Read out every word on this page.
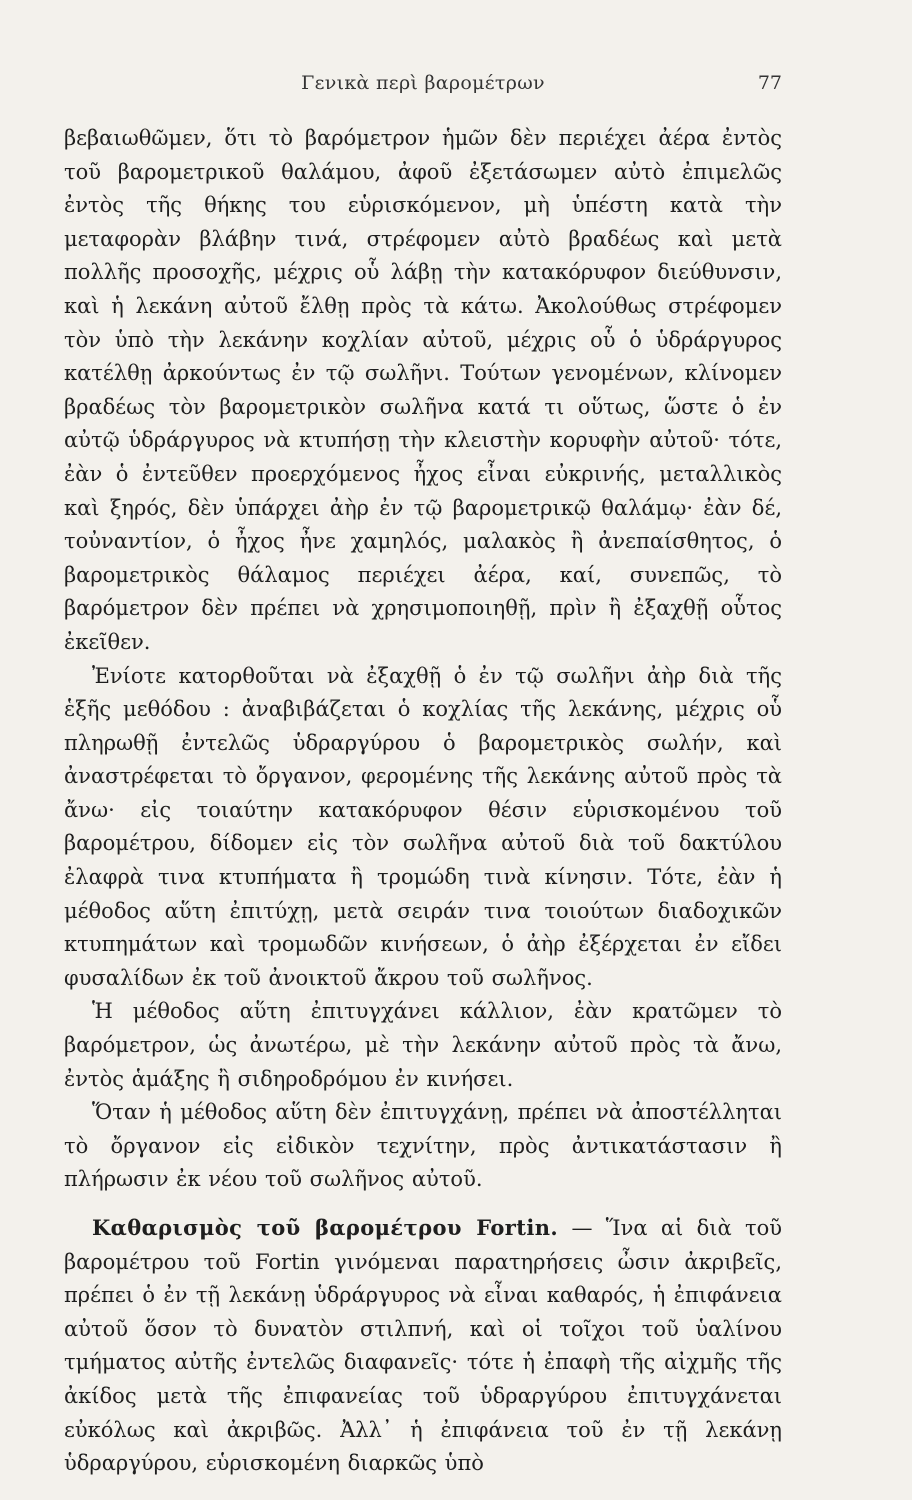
Γενικὰ περὶ βαρομέτρων	77

βεβαιωθῶμεν, ὅτι τὸ βαρόμετρον ἡμῶν δὲν περιέχει ἀέρα ἐντὸς τοῦ βαρομετρικοῦ θαλάμου, ἀφοῦ ἐξετάσωμεν αὐτὸ ἐπιμελῶς ἐντὸς τῆς θήκης του εὑρισκόμενον, μὴ ὑπέστη κατὰ τὴν μεταφορὰν βλάβην τινά, στρέφομεν αὐτὸ βραδέως καὶ μετὰ πολλῆς προσοχῆς, μέχρις οὗ λάβῃ τὴν κατακόρυφον διεύθυνσιν, καὶ ἡ λεκάνη αὐτοῦ ἔλθῃ πρὸς τὰ κάτω. Ἀκολούθως στρέφομεν τὸν ὑπὸ τὴν λεκάνην κοχλίαν αὐτοῦ, μέχρις οὗ ὁ ὑδράργυρος κατέλθῃ ἀρκούντως ἐν τῷ σωλῆνι. Τούτων γενομένων, κλίνομεν βραδέως τὸν βαρομετρικὸν σωλῆνα κατά τι οὕτως, ὥστε ὁ ἐν αὐτῷ ὑδράργυρος νὰ κτυπήσῃ τὴν κλειστὴν κορυφὴν αὐτοῦ· τότε, ἐὰν ὁ ἐντεῦθεν προερχόμενος ἦχος εἶναι εὐκρινής, μεταλλικὸς καὶ ξηρός, δὲν ὑπάρχει ἀὴρ ἐν τῷ βαρομετρικῷ θαλάμῳ· ἐὰν δέ, τοὐναντίον, ὁ ἦχος ἦνε χαμηλός, μαλακὸς ἢ ἀνεπαίσθητος, ὁ βαρομετρικὸς θάλαμος περιέχει ἀέρα, καί, συνεπῶς, τὸ βαρόμετρον δὲν πρέπει νὰ χρησιμοποιηθῇ, πρὶν ἢ ἐξαχθῇ οὗτος ἐκεῖθεν.

Ἐνίοτε κατορθοῦται νὰ ἐξαχθῇ ὁ ἐν τῷ σωλῆνι ἀὴρ διὰ τῆς ἑξῆς μεθόδου : ἀναβιβάζεται ὁ κοχλίας τῆς λεκάνης, μέχρις οὗ πληρωθῇ ἐντελῶς ὑδραργύρου ὁ βαρομετρικὸς σωλήν, καὶ ἀναστρέφεται τὸ ὄργανον, φερομένης τῆς λεκάνης αὐτοῦ πρὸς τὰ ἄνω· εἰς τοιαύτην κατακόρυφον θέσιν εὑρισκομένου τοῦ βαρομέτρου, δίδομεν εἰς τὸν σωλῆνα αὐτοῦ διὰ τοῦ δακτύλου ἐλαφρὰ τινα κτυπήματα ἢ τρομώδη τινὰ κίνησιν. Τότε, ἐὰν ἡ μέθοδος αὕτη ἐπιτύχῃ, μετὰ σειράν τινα τοιούτων διαδοχικῶν κτυπημάτων καὶ τρομωδῶν κινήσεων, ὁ ἀὴρ ἐξέρχεται ἐν εἴδει φυσαλίδων ἐκ τοῦ ἀνοικτοῦ ἄκρου τοῦ σωλῆνος.

Ἡ μέθοδος αὕτη ἐπιτυγχάνει κάλλιον, ἐὰν κρατῶμεν τὸ βαρόμετρον, ὡς ἀνωτέρω, μὲ τὴν λεκάνην αὐτοῦ πρὸς τὰ ἄνω, ἐντὸς ἁμάξης ἢ σιδηροδρόμου ἐν κινήσει.

Ὅταν ἡ μέθοδος αὕτη δὲν ἐπιτυγχάνῃ, πρέπει νὰ ἀποστέλληται τὸ ὄργανον εἰς εἰδικὸν τεχνίτην, πρὸς ἀντικατάστασιν ἢ πλήρωσιν ἐκ νέου τοῦ σωλῆνος αὐτοῦ.

Καθαρισμὸς τοῦ βαρομέτρου Fortin. — Ἵνα αἱ διὰ τοῦ βαρομέτρου τοῦ Fortin γινόμεναι παρατηρήσεις ὦσιν ἀκριβεῖς, πρέπει ὁ ἐν τῇ λεκάνῃ ὑδράργυρος νὰ εἶναι καθαρός, ἡ ἐπιφάνεια αὐτοῦ ὅσον τὸ δυνατὸν στιλπνή, καὶ οἱ τοῖχοι τοῦ ὑαλίνου τμήματος αὐτῆς ἐντελῶς διαφανεῖς· τότε ἡ ἐπαφὴ τῆς αἰχμῆς τῆς ἀκίδος μετὰ τῆς ἐπιφανείας τοῦ ὑδραργύρου ἐπιτυγχάνεται εὐκόλως καὶ ἀκριβῶς. Ἀλλ᾽ ἡ ἐπιφάνεια τοῦ ἐν τῇ λεκάνῃ ὑδραργύρου, εὑρισκομένη διαρκῶς ὑπὸ
